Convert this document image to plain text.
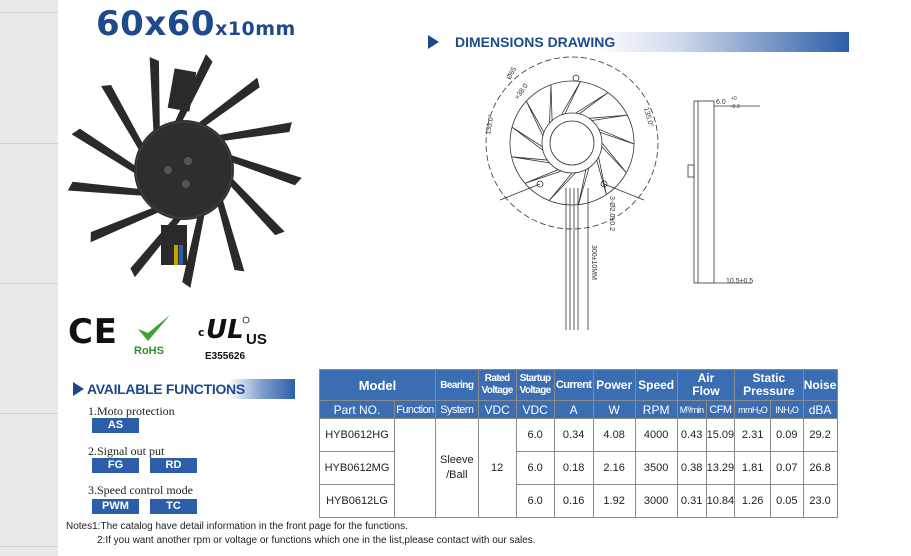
60x60x10mm
DIMENSIONS DRAWING
Ø65
×38.0
135.0°	135.0°
3-Ø2.0±0.2
300±10MM
6.0 +0
-0.3
10.5±0.5
C E RoHS
c UL US
E355626
AVAILABLE FUNCTIONS
1.Moto protection
AS
2.Signal out put
FG	RD
3.Speed control mode
PWM	TC
Model		Bearing	Rated Voltage	Startup Voltage	Current	Power	Speed	Air Flow		Static Pressure		Noise
Part NO.	Function	System	VDC	VDC	A	W	RPM	M³/min	CFM	mmH₂O	INH₂O	dBA
HYB0612HG		Sleeve /Ball	12	6.0	0.34	4.08	4000	0.43	15.09	2.31	0.09	29.2
HYB0612MG				6.0	0.18	2.16	3500	0.38	13.29	1.81	0.07	26.8
HYB0612LG				6.0	0.16	1.92	3000	0.31	10.84	1.26	0.05	23.0
Notes1:The catalog have detail information in the front page for the functions.
2:If you want another rpm or voltage or functions which one in the list,please contact with our sales.
